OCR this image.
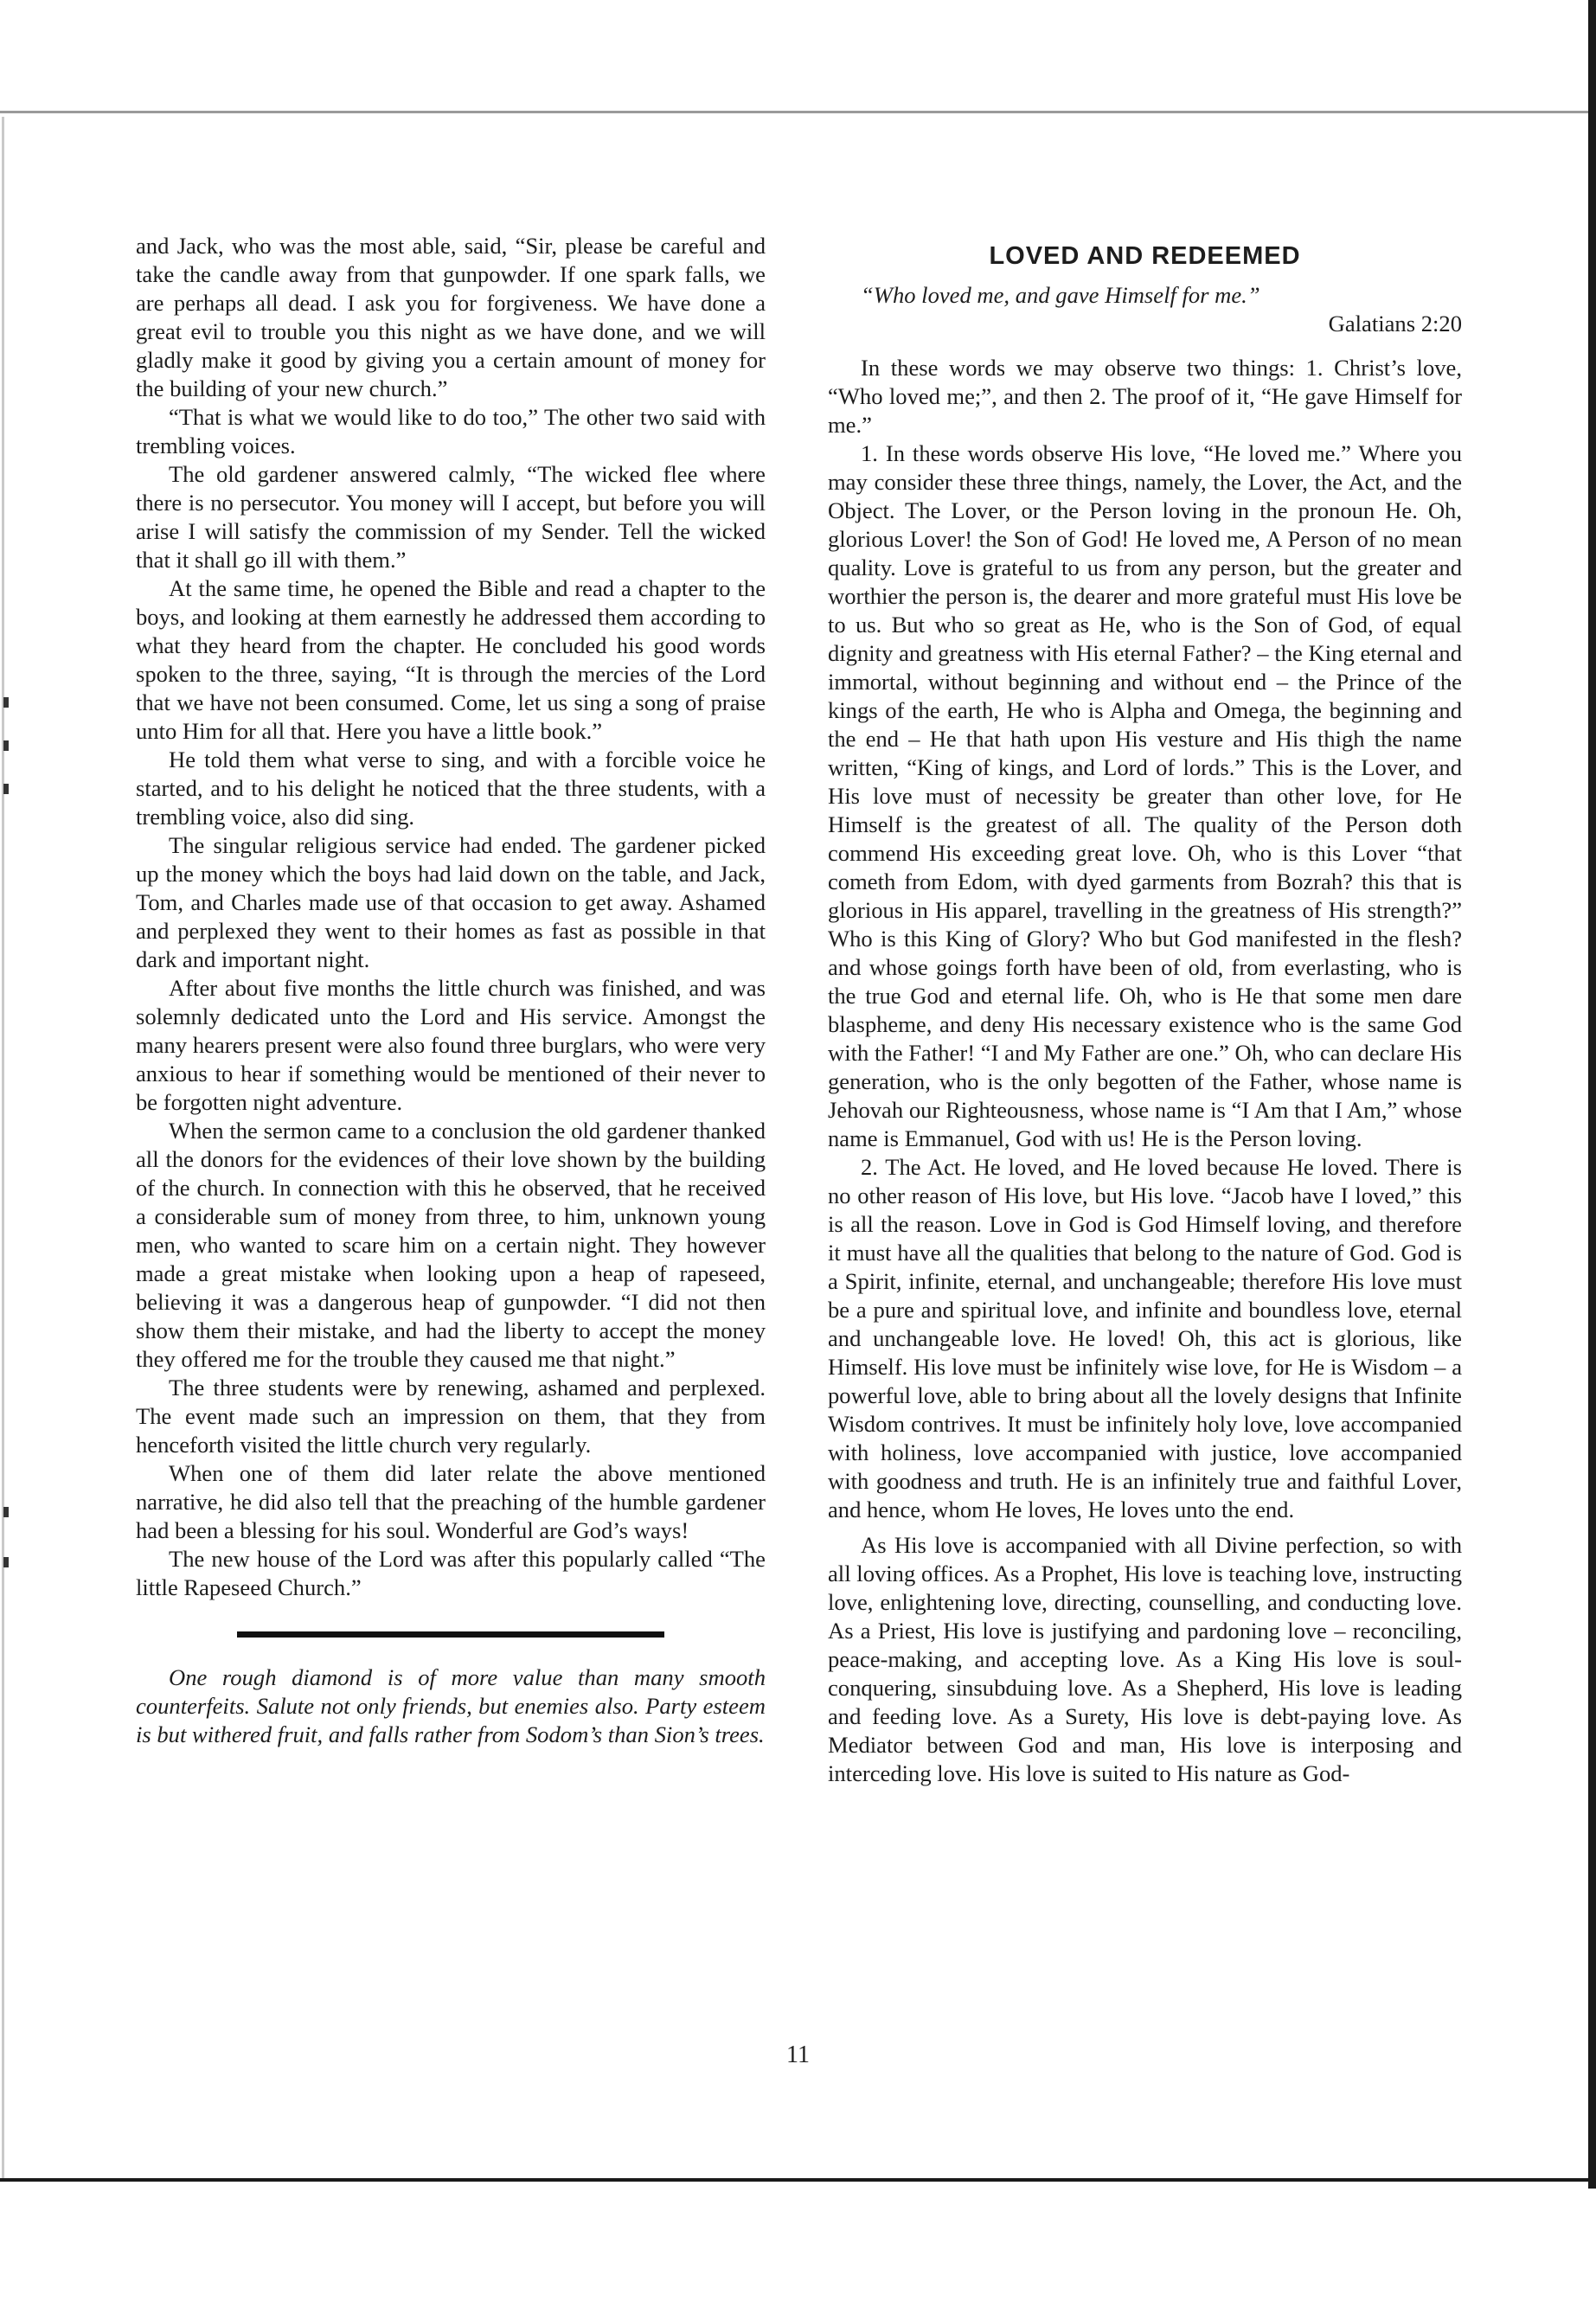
and Jack, who was the most able, said, “Sir, please be careful and take the candle away from that gunpowder. If one spark falls, we are perhaps all dead. I ask you for forgiveness. We have done a great evil to trouble you this night as we have done, and we will gladly make it good by giving you a certain amount of money for the building of your new church.”

“That is what we would like to do too,” The other two said with trembling voices.

The old gardener answered calmly, “The wicked flee where there is no persecutor. You money will I accept, but before you will arise I will satisfy the commission of my Sender. Tell the wicked that it shall go ill with them.”

At the same time, he opened the Bible and read a chapter to the boys, and looking at them earnestly he addressed them according to what they heard from the chapter. He concluded his good words spoken to the three, saying, “It is through the mercies of the Lord that we have not been consumed. Come, let us sing a song of praise unto Him for all that. Here you have a little book.”

He told them what verse to sing, and with a forcible voice he started, and to his delight he noticed that the three students, with a trembling voice, also did sing.

The singular religious service had ended. The gardener picked up the money which the boys had laid down on the table, and Jack, Tom, and Charles made use of that occasion to get away. Ashamed and perplexed they went to their homes as fast as possible in that dark and important night.

After about five months the little church was finished, and was solemnly dedicated unto the Lord and His service. Amongst the many hearers present were also found three burglars, who were very anxious to hear if something would be mentioned of their never to be forgotten night adventure.

When the sermon came to a conclusion the old gardener thanked all the donors for the evidences of their love shown by the building of the church. In connection with this he observed, that he received a considerable sum of money from three, to him, unknown young men, who wanted to scare him on a certain night. They however made a great mistake when looking upon a heap of rapeseed, believing it was a dangerous heap of gunpowder. “I did not then show them their mistake, and had the liberty to accept the money they offered me for the trouble they caused me that night.”

The three students were by renewing, ashamed and perplexed. The event made such an impression on them, that they from henceforth visited the little church very regularly.

When one of them did later relate the above mentioned narrative, he did also tell that the preaching of the humble gardener had been a blessing for his soul. Wonderful are God’s ways!

The new house of the Lord was after this popularly called “The little Rapeseed Church.”

One rough diamond is of more value than many smooth counterfeits. Salute not only friends, but enemies also. Party esteem is but withered fruit, and falls rather from Sodom’s than Sion’s trees.

LOVED AND REDEEMED
“Who loved me, and gave Himself for me.”
Galatians 2:20

In these words we may observe two things: 1. Christ’s love, “Who loved me;”, and then 2. The proof of it, “He gave Himself for me.”

1. In these words observe His love, “He loved me.” Where you may consider these three things, namely, the Lover, the Act, and the Object. The Lover, or the Person loving in the pronoun He. Oh, glorious Lover! the Son of God! He loved me, A Person of no mean quality. Love is grateful to us from any person, but the greater and worthier the person is, the dearer and more grateful must His love be to us. But who so great as He, who is the Son of God, of equal dignity and greatness with His eternal Father? – the King eternal and immortal, without beginning and without end – the Prince of the kings of the earth, He who is Alpha and Omega, the beginning and the end – He that hath upon His vesture and His thigh the name written, “King of kings, and Lord of lords.” This is the Lover, and His love must of necessity be greater than other love, for He Himself is the greatest of all. The quality of the Person doth commend His exceeding great love. Oh, who is this Lover “that cometh from Edom, with dyed garments from Bozrah? this that is glorious in His apparel, travelling in the greatness of His strength?” Who is this King of Glory? Who but God manifested in the flesh? and whose goings forth have been of old, from everlasting, who is the true God and eternal life. Oh, who is He that some men dare blaspheme, and deny His necessary existence who is the same God with the Father! “I and My Father are one.” Oh, who can declare His generation, who is the only begotten of the Father, whose name is Jehovah our Righteousness, whose name is “I Am that I Am,” whose name is Emmanuel, God with us! He is the Person loving.

2. The Act. He loved, and He loved because He loved. There is no other reason of His love, but His love. “Jacob have I loved,” this is all the reason. Love in God is God Himself loving, and therefore it must have all the qualities that belong to the nature of God. God is a Spirit, infinite, eternal, and unchangeable; therefore His love must be a pure and spiritual love, and infinite and boundless love, eternal and unchangeable love. He loved! Oh, this act is glorious, like Himself. His love must be infinitely wise love, for He is Wisdom – a powerful love, able to bring about all the lovely designs that Infinite Wisdom contrives. It must be infinitely holy love, love accompanied with holiness, love accompanied with justice, love accompanied with goodness and truth. He is an infinitely true and faithful Lover, and hence, whom He loves, He loves unto the end.

As His love is accompanied with all Divine perfection, so with all loving offices. As a Prophet, His love is teaching love, instructing love, enlightening love, directing, counselling, and conducting love. As a Priest, His love is justifying and pardoning love – reconciling, peace-making, and accepting love. As a King His love is soul-conquering, sinsubduing love. As a Shepherd, His love is leading and feeding love. As a Surety, His love is debt-paying love. As Mediator between God and man, His love is interposing and interceding love. His love is suited to His nature as God-

11
